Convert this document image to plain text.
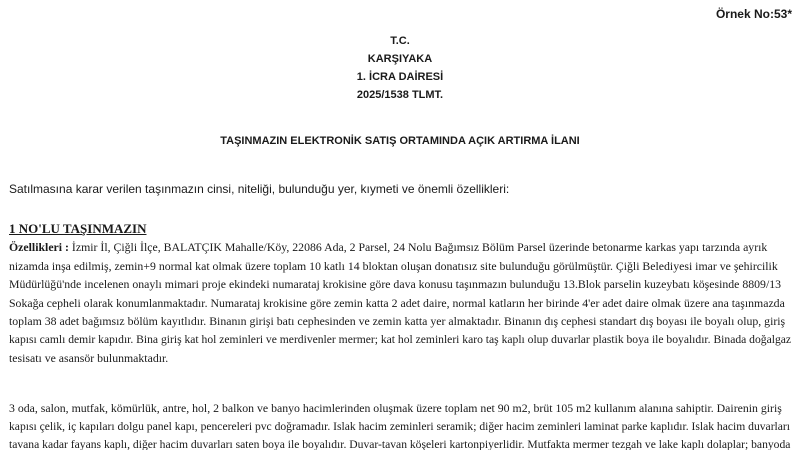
Örnek No:53*
T.C.
KARŞIYAKA
1. İCRA DAİRESİ
2025/1538 TLMT.
TAŞINMAZIN ELEKTRONİK SATIŞ ORTAMINDA AÇIK ARTIRMA İLANI
Satılmasına karar verilen taşınmazın cinsi, niteliği, bulunduğu yer, kıymeti ve önemli özellikleri:
1 NO'LU TAŞINMAZIN
Özellikleri : İzmir İl, Çiğli İlçe, BALATÇIK Mahalle/Köy, 22086 Ada, 2 Parsel, 24 Nolu Bağımsız Bölüm Parsel üzerinde betonarme karkas yapı tarzında ayrık
nizamda inşa edilmiş, zemin+9 normal kat olmak üzere toplam 10 katlı 14 bloktan oluşan donatısız site bulunduğu görülmüştür. Çiğli Belediyesi imar ve şehircilik
Müdürlüğü'nde incelenen onaylı mimari proje ekindeki numarataj krokisine göre dava konusu taşınmazın bulunduğu 13.Blok parselin kuzeybatı köşesinde 8809/13
Sokağa cepheli olarak konumlanmaktadır. Numarataj krokisine göre zemin katta 2 adet daire, normal katların her birinde 4'er adet daire olmak üzere ana taşınmazda
toplam 38 adet bağımsız bölüm kayıtlıdır. Binanın girişi batı cephesinden ve zemin katta yer almaktadır. Binanın dış cephesi standart dış boyası ile boyalı olup, giriş
kapısı camlı demir kapıdır. Bina giriş kat hol zeminleri ve merdivenler mermer; kat hol zeminleri karo taş kaplı olup duvarlar plastik boya ile boyalıdır. Binada doğalgaz
tesisatı ve asansör bulunmaktadır.
3 oda, salon, mutfak, kömürlük, antre, hol, 2 balkon ve banyo hacimlerinden oluşmak üzere toplam net 90 m2, brüt 105 m2 kullanım alanına sahiptir. Dairenin giriş
kapısı çelik, iç kapıları dolgu panel kapı, pencereleri pvc doğramadır. Islak hacim zeminleri seramik; diğer hacim zeminleri laminat parke kaplıdır. Islak hacim duvarları
tavana kadar fayans kaplı, diğer hacim duvarları saten boya ile boyalıdır. Duvar-tavan köşeleri kartonpiyerlidir. Mutfakta mermer tezgah ve lake kaplı dolaplar; banyoda
